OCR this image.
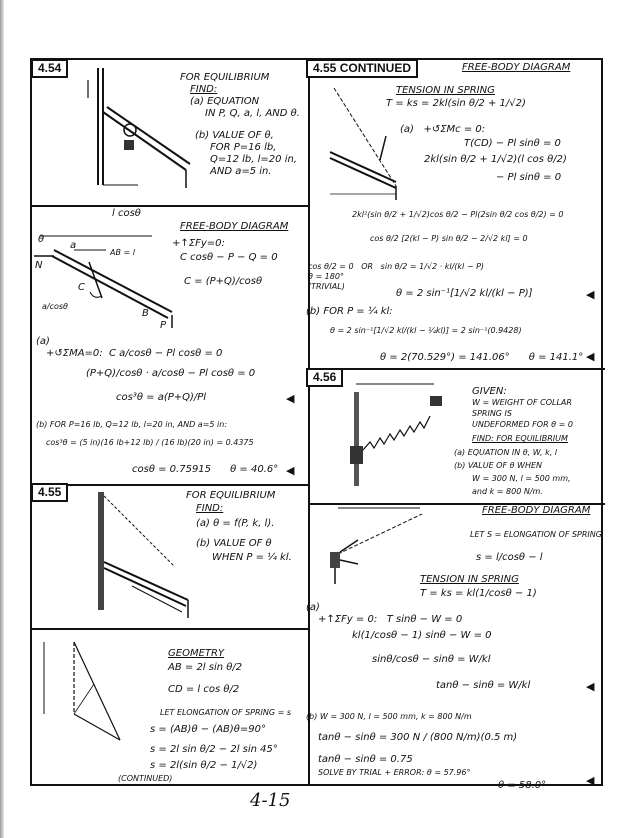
4.54
FOR EQUILIBRIUM
FIND:
(a) EQUATION
IN P, Q, a, l, AND θ.
(b) VALUE OF θ,
FOR P=16 lb,
Q=12 lb, l=20 in,
AND a=5 in.
l cosθ
FREE-BODY DIAGRAM
θ
a
AB = l
N
C
a/cosθ
B
P
+↑ΣFy=0:
C cosθ − P − Q = 0
C = (P+Q)/cosθ
(a)
+↺ΣMA=0:  C a/cosθ − Pl cosθ = 0
(P+Q)/cosθ · a/cosθ − Pl cosθ = 0
cos³θ = a(P+Q)/Pl	◀
(b) FOR P=16 lb, Q=12 lb, l=20 in, AND a=5 in:
cos³θ = (5 in)(16 lb+12 lb) / (16 lb)(20 in) = 0.4375
cosθ = 0.75915      θ = 40.6° ◀
4.55	FOR EQUILIBRIUM
FIND:
(a) θ = f(P, k, l).
(b) VALUE OF θ
WHEN P = ¼ kl.
GEOMETRY
AB = 2l sin θ/2
CD = l cos θ/2
LET ELONGATION OF SPRING = s
s = (AB)θ − (AB)θ=90°
s = 2l sin θ/2 − 2l sin 45°
s = 2l(sin θ/2 − 1/√2)
(CONTINUED)
4.55 CONTINUED	FREE-BODY DIAGRAM
TENSION IN SPRING
T = ks = 2kl(sin θ/2 + 1/√2)
(a)   +↺ΣMc = 0:
T(CD) − Pl sinθ = 0
2kl(sin θ/2 + 1/√2)(l cos θ/2)
− Pl sinθ = 0
2kl²(sin θ/2 + 1/√2)cos θ/2 − Pl(2sin θ/2 cos θ/2) = 0
cos θ/2 [2(kl − P) sin θ/2 − 2/√2 kl] = 0
cos θ/2 = 0   OR   sin θ/2 = 1/√2 · kl/(kl − P)
θ = 180°
(TRIVIAL)
θ = 2 sin⁻¹[1/√2 kl/(kl − P)]	◀
(b) FOR P = ¼ kl:
θ = 2 sin⁻¹[1/√2 kl/(kl − ¼kl)] = 2 sin⁻¹(0.9428)
θ = 2(70.529°) = 141.06°      θ = 141.1° ◀
4.56
GIVEN:
W = WEIGHT OF COLLAR
SPRING IS
UNDEFORMED FOR θ = 0
FIND: FOR EQUILIBRIUM
(a) EQUATION IN θ, W, k, l
(b) VALUE OF θ WHEN
W = 300 N, l = 500 mm,
and k = 800 N/m.
FREE-BODY DIAGRAM
LET S = ELONGATION OF SPRING
s = l/cosθ − l
TENSION IN SPRING
T = ks = kl(1/cosθ − 1)
(a)
+↑ΣFy = 0:   T sinθ − W = 0
kl(1/cosθ − 1) sinθ − W = 0
sinθ/cosθ − sinθ = W/kl
tanθ − sinθ = W/kl	◀
(b) W = 300 N, l = 500 mm, k = 800 N/m
tanθ − sinθ = 300 N / (800 N/m)(0.5 m)
tanθ − sinθ = 0.75
SOLVE BY TRIAL + ERROR: θ = 57.96°
θ = 58.0°	◀
4-15
